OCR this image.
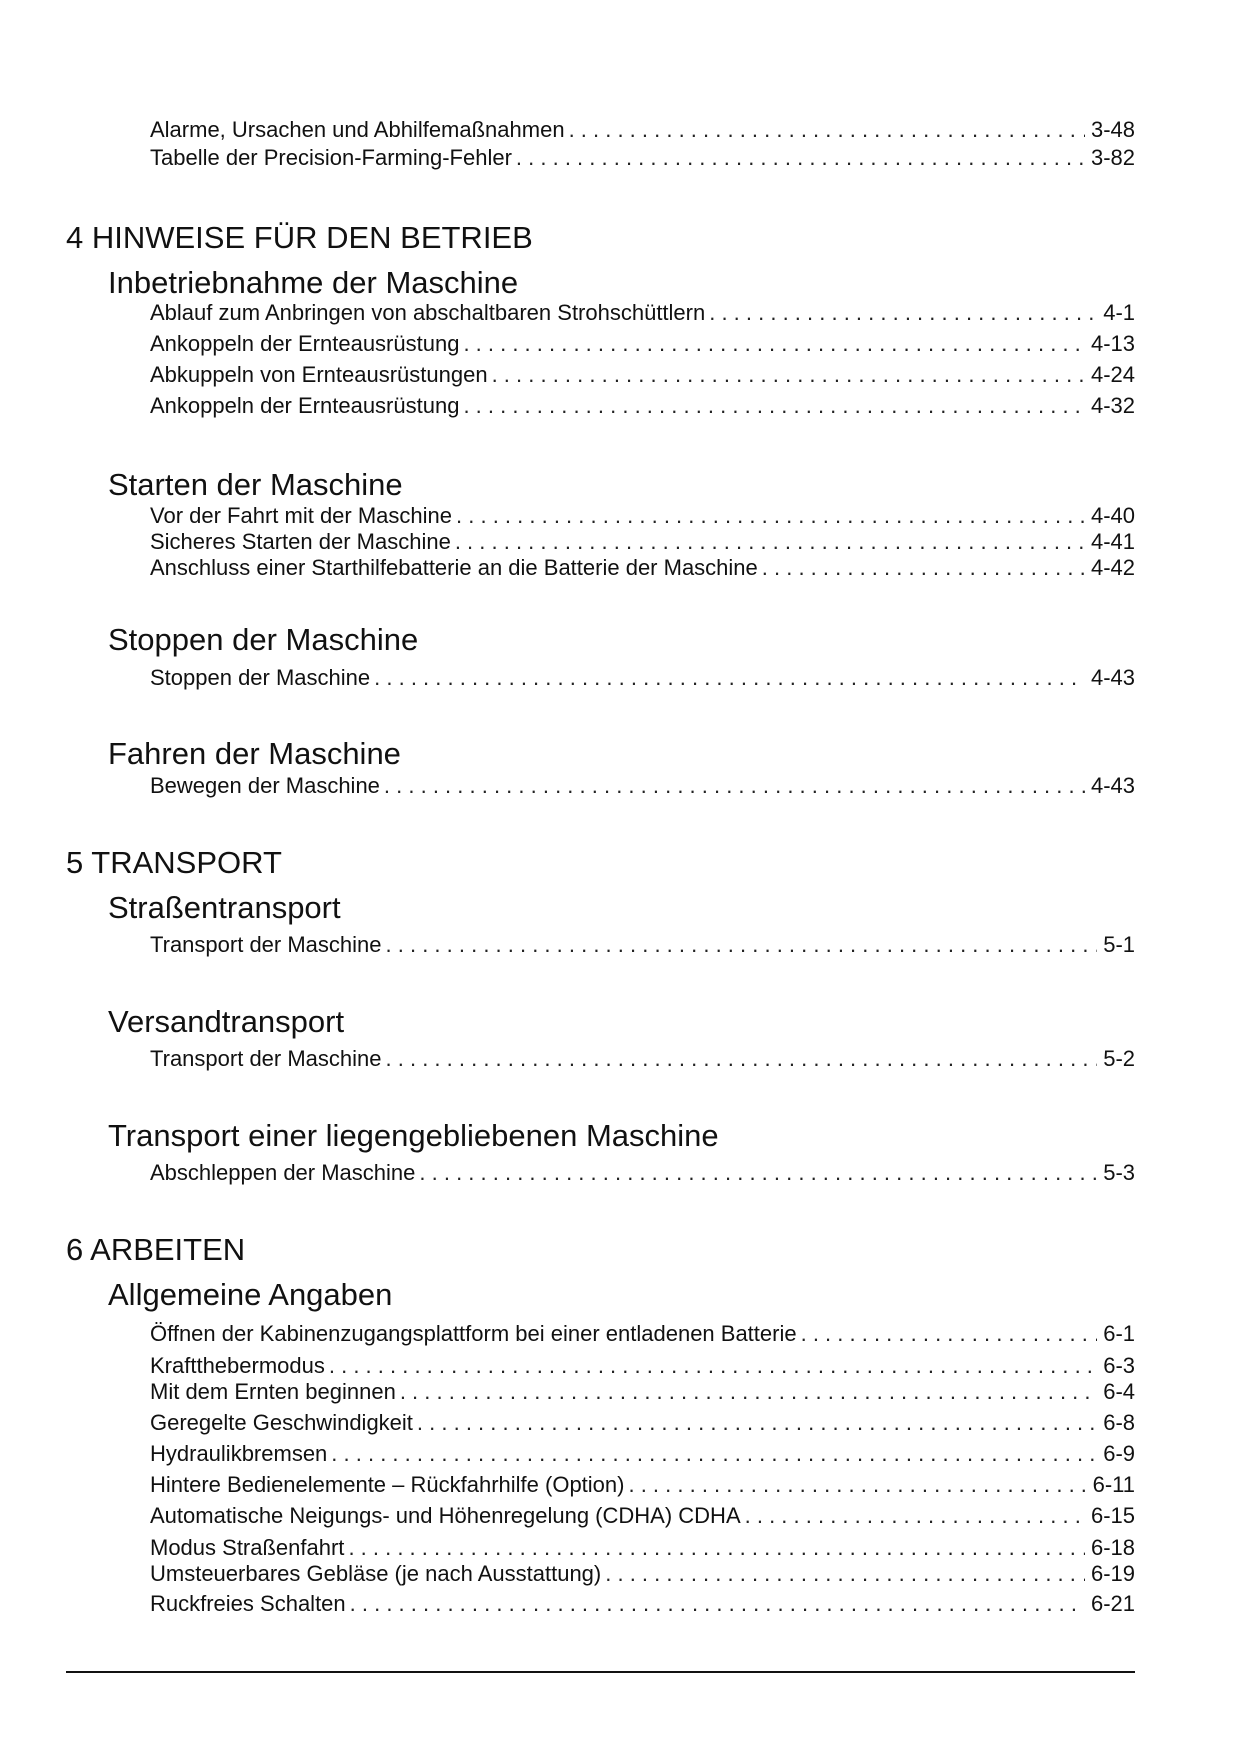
Alarme, Ursachen und Abhilfemaßnahmen . . .	3-48
Tabelle der Precision-Farming-Fehler . . .	3-82
4 HINWEISE FÜR DEN BETRIEB
Inbetriebnahme der Maschine
Ablauf zum Anbringen von abschaltbaren Strohschüttlern . . .	4-1
Ankoppeln der Ernteausrüstung . . .	4-13
Abkuppeln von Ernteausrüstungen . . .	4-24
Ankoppeln der Ernteausrüstung . . .	4-32
Starten der Maschine
Vor der Fahrt mit der Maschine . . .	4-40
Sicheres Starten der Maschine . . .	4-41
Anschluss einer Starthilfebatterie an die Batterie der Maschine . . .	4-42
Stoppen der Maschine
Stoppen der Maschine . . .	4-43
Fahren der Maschine
Bewegen der Maschine . . .	4-43
5 TRANSPORT
Straßentransport
Transport der Maschine . . .	5-1
Versandtransport
Transport der Maschine . . .	5-2
Transport einer liegengebliebenen Maschine
Abschleppen der Maschine . . .	5-3
6 ARBEITEN
Allgemeine Angaben
Öffnen der Kabinenzugangsplattform bei einer entladenen Batterie . . .	6-1
Kraftthebermodus . . .	6-3
Mit dem Ernten beginnen . . .	6-4
Geregelte Geschwindigkeit . . .	6-8
Hydraulikbremsen . . .	6-9
Hintere Bedienelemente – Rückfahrhilfe (Option) . . .	6-11
Automatische Neigungs- und Höhenregelung (CDHA) CDHA . . .	6-15
Modus Straßenfahrt . . .	6-18
Umsteuerbares Gebläse (je nach Ausstattung) . . .	6-19
Ruckfreies Schalten . . .	6-21
